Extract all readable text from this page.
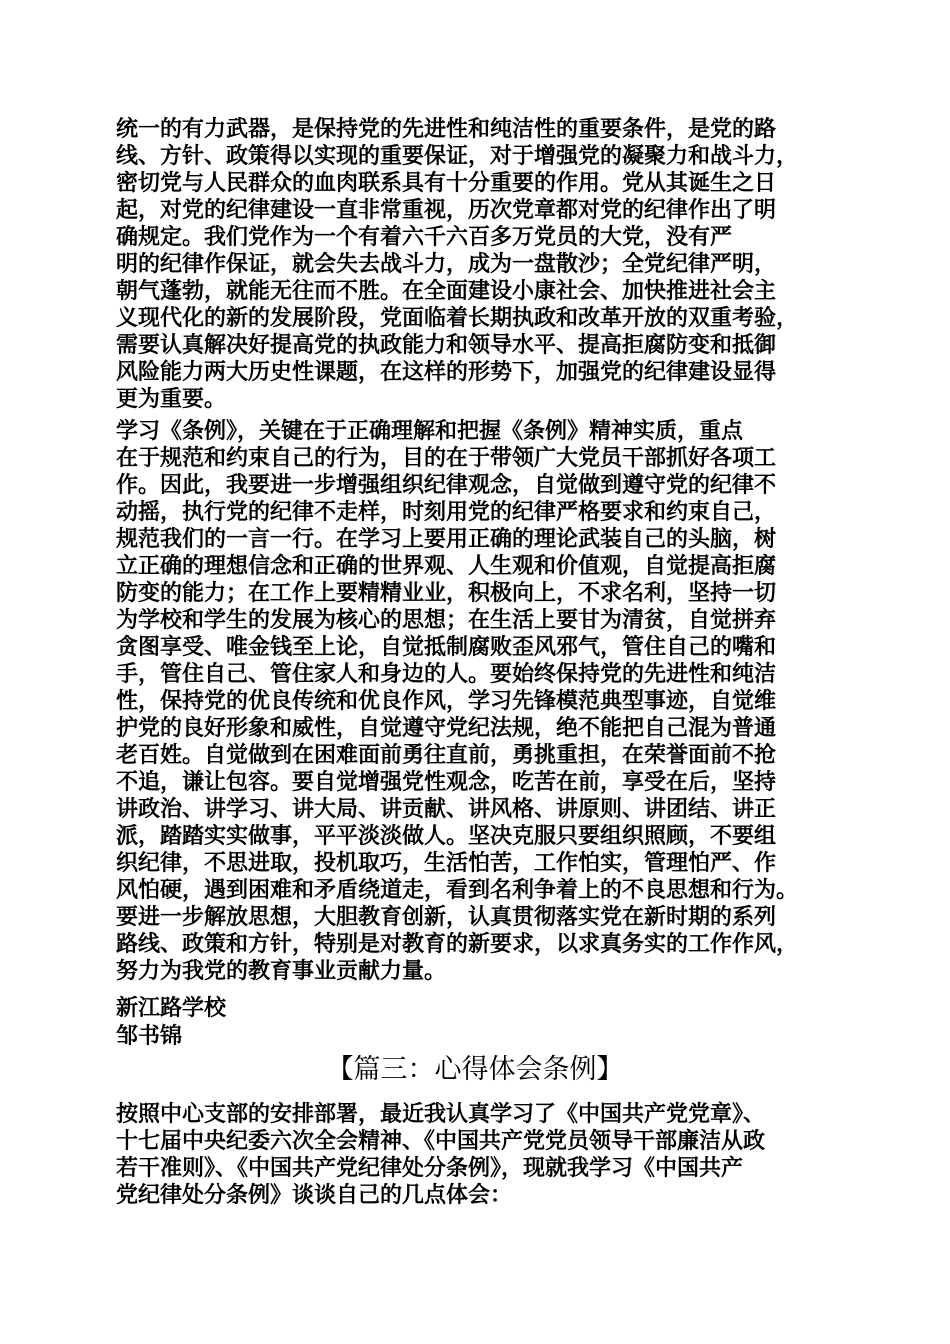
统一的有力武器，是保持党的先进性和纯洁性的重要条件，是党的路
线、方针、政策得以实现的重要保证，对于增强党的凝聚力和战斗力，
密切党与人民群众的血肉联系具有十分重要的作用。党从其诞生之日
起，对党的纪律建设一直非常重视，历次党章都对党的纪律作出了明
确规定。我们党作为一个有着六千六百多万党员的大党，没有严
明的纪律作保证，就会失去战斗力，成为一盘散沙；全党纪律严明，
朝气蓬勃，就能无往而不胜。在全面建设小康社会、加快推进社会主
义现代化的新的发展阶段，党面临着长期执政和改革开放的双重考验，
需要认真解决好提高党的执政能力和领导水平、提高拒腐防变和抵御
风险能力两大历史性课题，在这样的形势下，加强党的纪律建设显得
更为重要。
学习《条例》，关键在于正确理解和把握《条例》精神实质，重点
在于规范和约束自己的行为，目的在于带领广大党员干部抓好各项工
作。因此，我要进一步增强组织纪律观念，自觉做到遵守党的纪律不
动摇，执行党的纪律不走样，时刻用党的纪律严格要求和约束自己，
规范我们的一言一行。在学习上要用正确的理论武装自己的头脑，树
立正确的理想信念和正确的世界观、人生观和价值观，自觉提高拒腐
防变的能力；在工作上要精精业业，积极向上，不求名利，坚持一切
为学校和学生的发展为核心的思想；在生活上要甘为清贫，自觉拼弃
贪图享受、唯金钱至上论，自觉抵制腐败歪风邪气，管住自己的嘴和
手，管住自己、管住家人和身边的人。要始终保持党的先进性和纯洁
性，保持党的优良传统和优良作风，学习先锋模范典型事迹，自觉维
护党的良好形象和威性，自觉遵守党纪法规，绝不能把自己混为普通
老百姓。自觉做到在困难面前勇往直前，勇挑重担，在荣誉面前不抢
不追，谦让包容。要自觉增强党性观念，吃苦在前，享受在后，坚持
讲政治、讲学习、讲大局、讲贡献、讲风格、讲原则、讲团结、讲正
派，踏踏实实做事，平平淡淡做人。坚决克服只要组织照顾，不要组
织纪律，不思进取，投机取巧，生活怕苦，工作怕实，管理怕严、作
风怕硬，遇到困难和矛盾绕道走，看到名利争着上的不良思想和行为。
要进一步解放思想，大胆教育创新，认真贯彻落实党在新时期的系列
路线、政策和方针，特别是对教育的新要求，以求真务实的工作作风，
努力为我党的教育事业贡献力量。
新江路学校
邹书锦
【篇三：心得体会条例】
按照中心支部的安排部署，最近我认真学习了《中国共产党党章》、
十七届中央纪委六次全会精神、《中国共产党党员领导干部廉洁从政
若干准则》、《中国共产党纪律处分条例》，现就我学习《中国共产
党纪律处分条例》谈谈自己的几点体会：
